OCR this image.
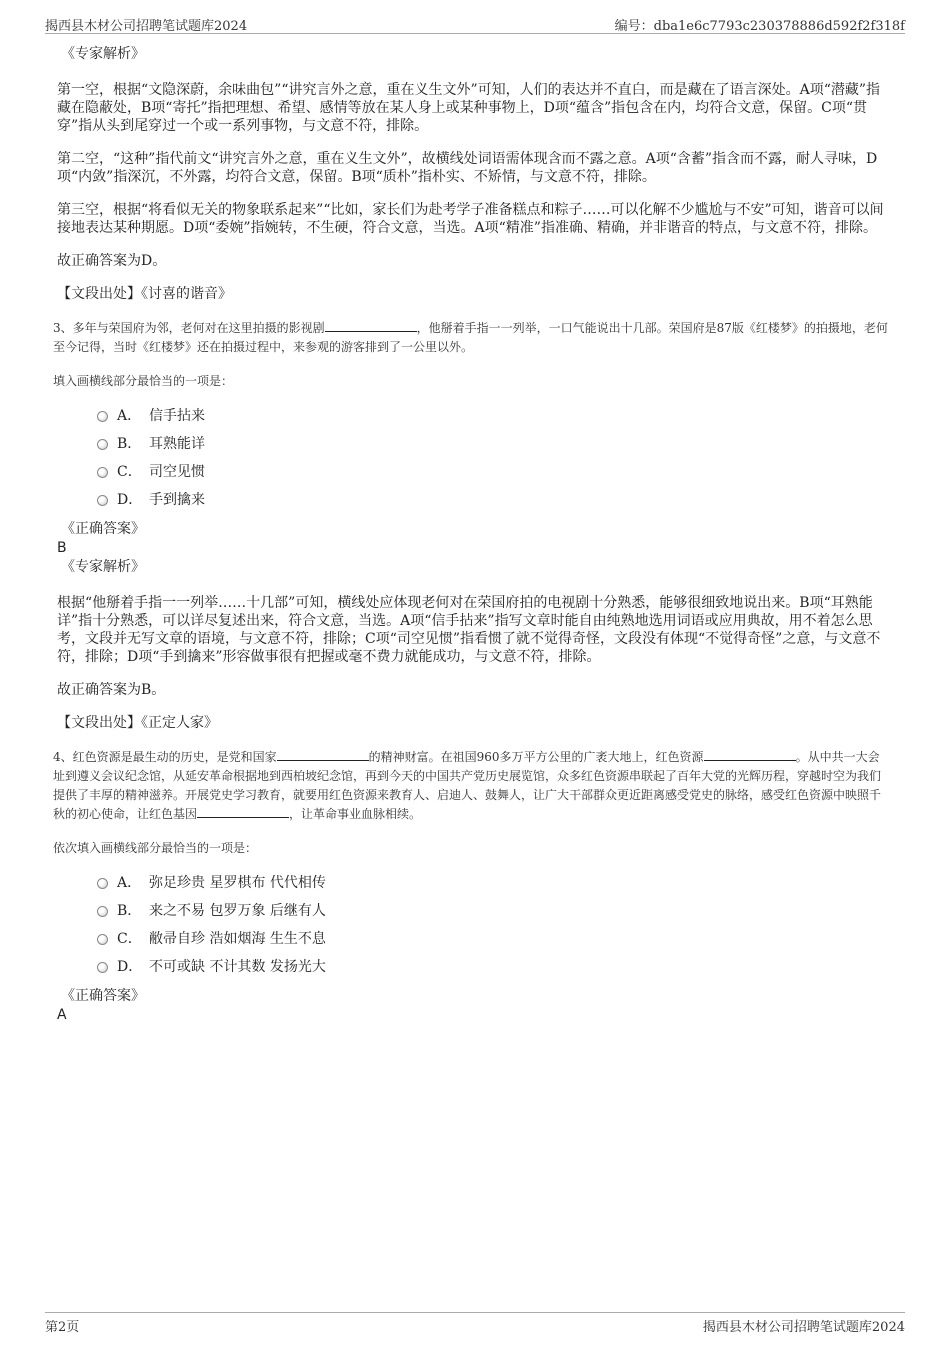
揭西县木材公司招聘笔试题库2024	编号：dba1e6c7793c230378886d592f2f318f

《专家解析》

第一空，根据“文隐深蔚，余味曲包”“讲究言外之意，重在义生文外”可知，人们的表达并不直白，而是藏在了语言深处。A项“潜藏”指藏在隐蔽处，B项“寄托”指把理想、希望、感情等放在某人身上或某种事物上，D项“蕴含”指包含在内，均符合文意，保留。C项“贯穿”指从头到尾穿过一个或一系列事物，与文意不符，排除。

第二空，“这种”指代前文“讲究言外之意，重在义生文外”，故横线处词语需体现含而不露之意。A项“含蓄”指含而不露，耐人寻味，D项“内敛”指深沉，不外露，均符合文意，保留。B项“质朴”指朴实、不矫情，与文意不符，排除。

第三空，根据“将看似无关的物象联系起来”“比如，家长们为赴考学子准备糕点和粽子……可以化解不少尴尬与不安”可知，谐音可以间接地表达某种期愿。D项“委婉”指婉转，不生硬，符合文意，当选。A项“精准”指准确、精确，并非谐音的特点，与文意不符，排除。

故正确答案为D。

【文段出处】《讨喜的谐音》

3、多年与荣国府为邻，老何对在这里拍摄的影视剧	，他掰着手指一一列举，一口气能说出十几部。荣国府是87版《红楼梦》的拍摄地，老何至今记得，当时《红楼梦》还在拍摄过程中，来参观的游客排到了一公里以外。

填入画横线部分最恰当的一项是：

A． 信手拈来
B． 耳熟能详
C． 司空见惯
D． 手到擒来

《正确答案》

B

《专家解析》

根据“他掰着手指一一列举……十几部”可知，横线处应体现老何对在荣国府拍的电视剧十分熟悉，能够很细致地说出来。B项“耳熟能详”指十分熟悉，可以详尽复述出来，符合文意，当选。A项“信手拈来”指写文章时能自由纯熟地选用词语或应用典故，用不着怎么思考，文段并无写文章的语境，与文意不符，排除；C项“司空见惯”指看惯了就不觉得奇怪，文段没有体现“不觉得奇怪”之意，与文意不符，排除；D项“手到擒来”形容做事很有把握或毫不费力就能成功，与文意不符，排除。

故正确答案为B。

【文段出处】《正定人家》

4、红色资源是最生动的历史，是党和国家	的精神财富。在祖国960多万平方公里的广袤大地上，红色资源	。从中共一大会址到遵义会议纪念馆，从延安革命根据地到西柏坡纪念馆，再到今天的中国共产党历史展览馆，众多红色资源串联起了百年大党的光辉历程，穿越时空为我们提供了丰厚的精神滋养。开展党史学习教育，就要用红色资源来教育人、启迪人、鼓舞人，让广大干部群众更近距离感受党史的脉络，感受红色资源中映照千秋的初心使命，让红色基因	，让革命事业血脉相续。

依次填入画横线部分最恰当的一项是：

A． 弥足珍贵 星罗棋布 代代相传
B． 来之不易 包罗万象 后继有人
C． 敝帚自珍 浩如烟海 生生不息
D． 不可或缺 不计其数 发扬光大

《正确答案》

A

第2页	揭西县木材公司招聘笔试题库2024
